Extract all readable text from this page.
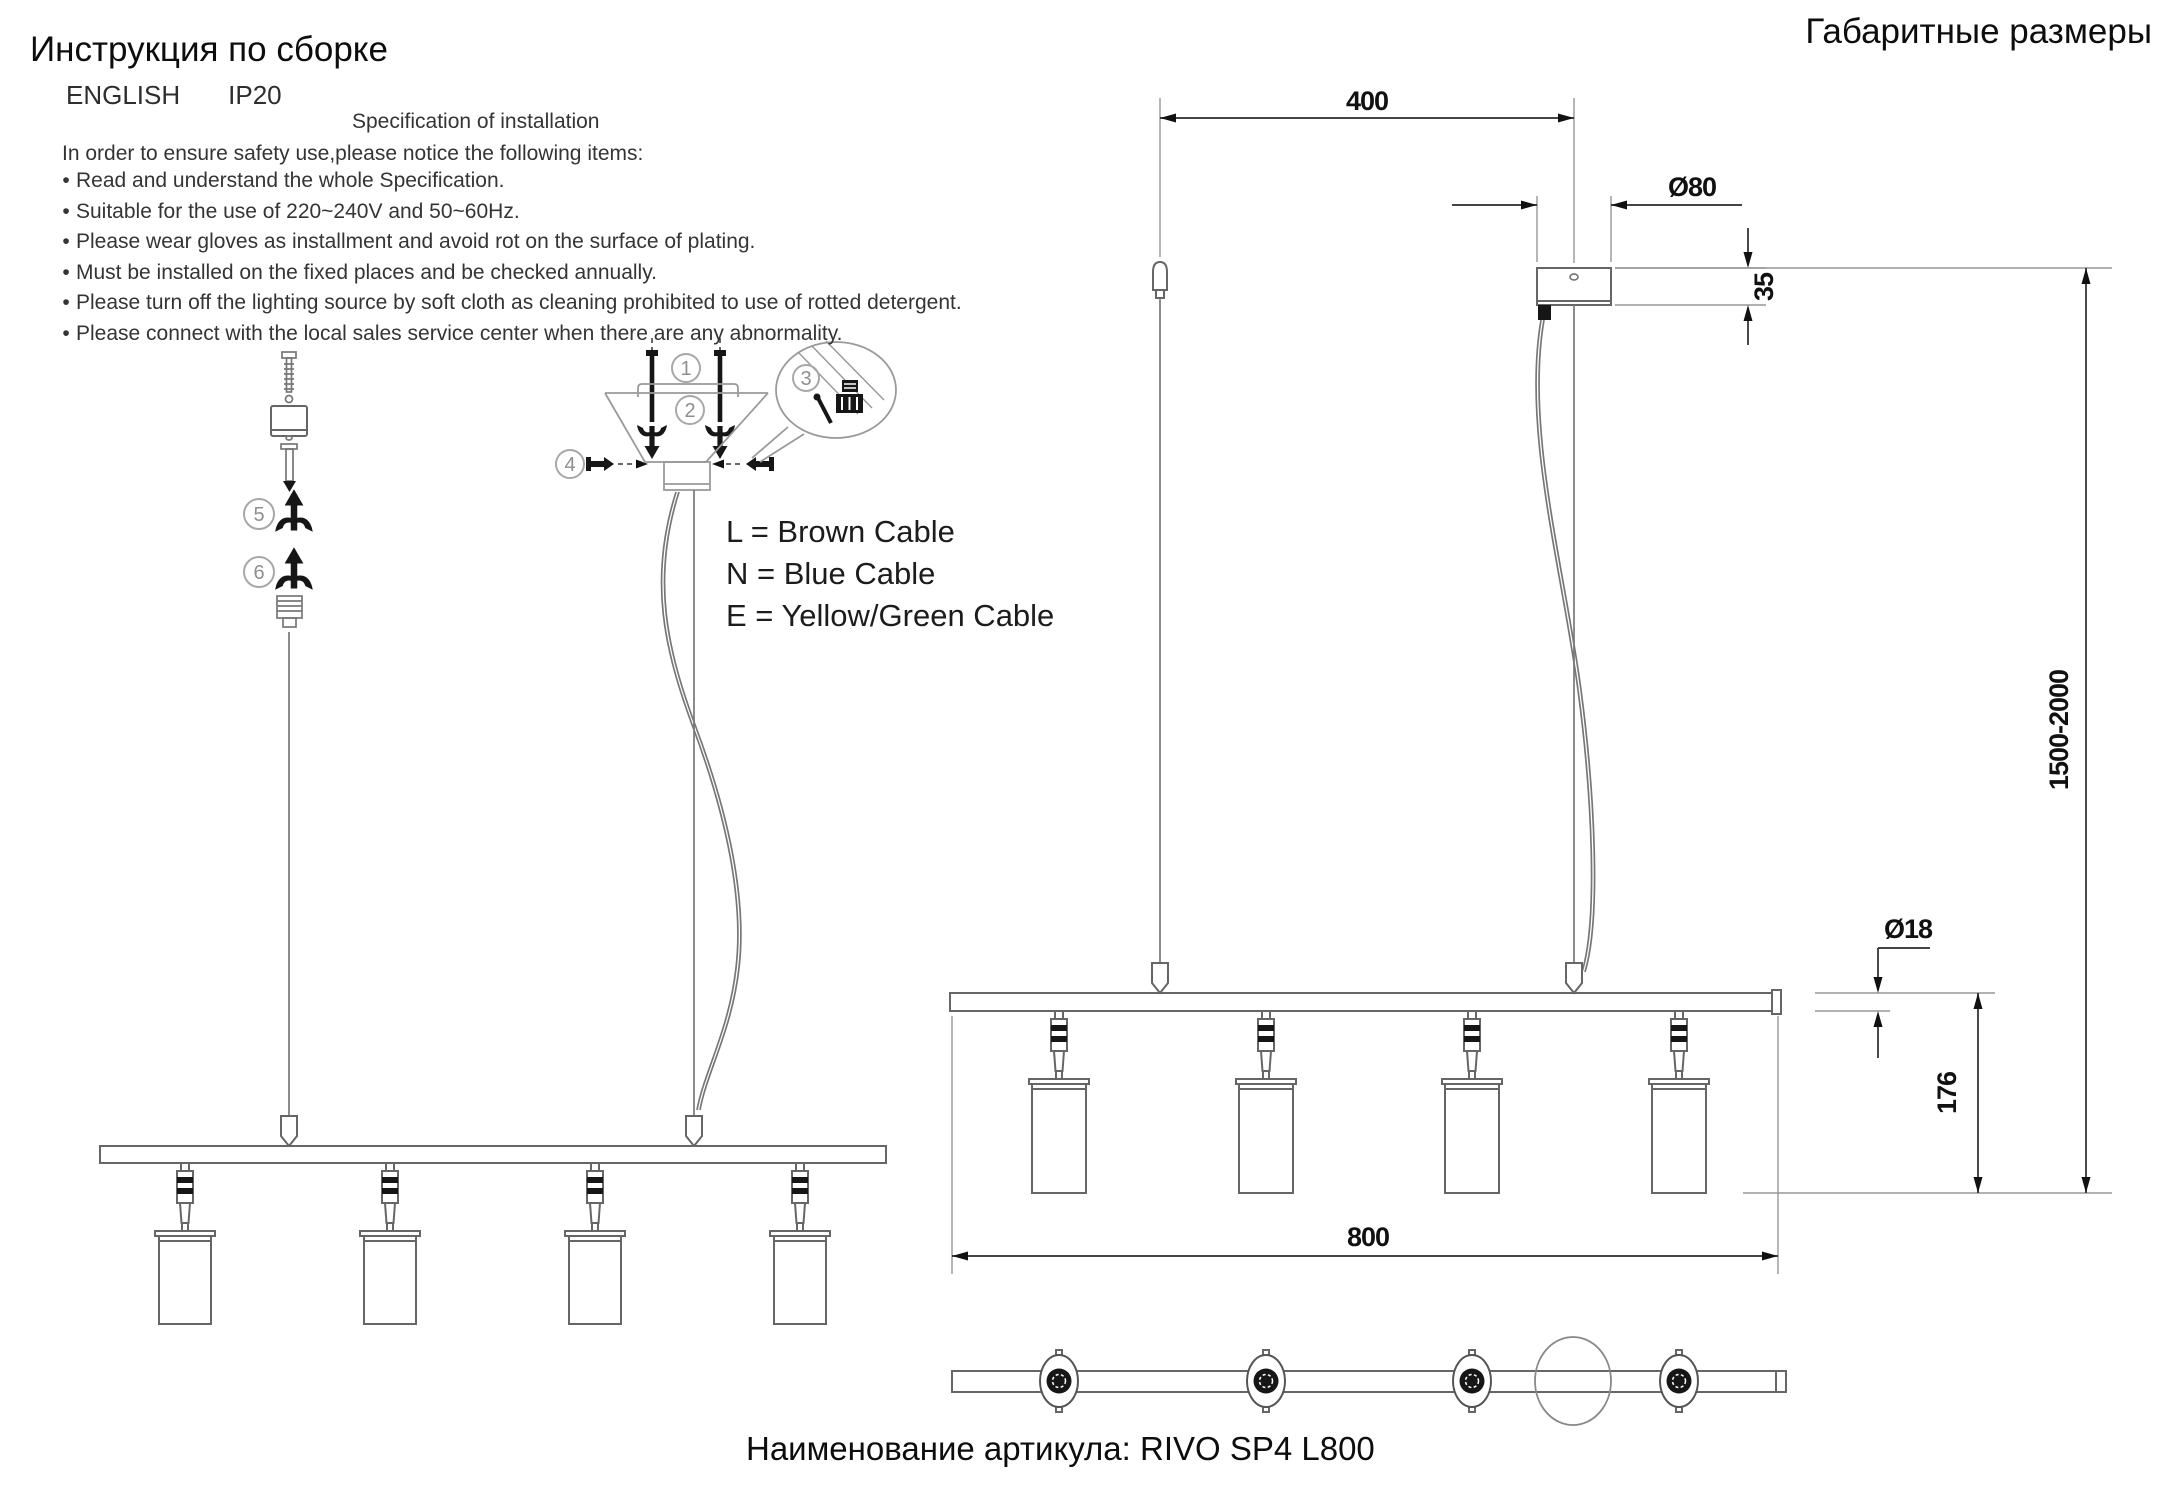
5
6
1
2
4
3
400
Ø80
35
1500-2000
Ø18
176
800
Инструкция по сборке
ENGLISH IP20
Specification of installation
In order to ensure safety use,please notice the following items:
• Read and understand the whole Specification.
• Suitable for the use of 220~240V and 50~60Hz.
• Please wear gloves as installment and avoid rot on the surface of plating.
• Must be installed on the fixed places and be checked annually.
• Please turn off the lighting source by soft cloth as cleaning prohibited to use of rotted detergent.
• Please connect with the local sales service center when there are any abnormality.
L = Brown Cable
N = Blue Cable
E = Yellow/Green Cable
Габаритные размеры
Наименование артикула: RIVO SP4 L800
